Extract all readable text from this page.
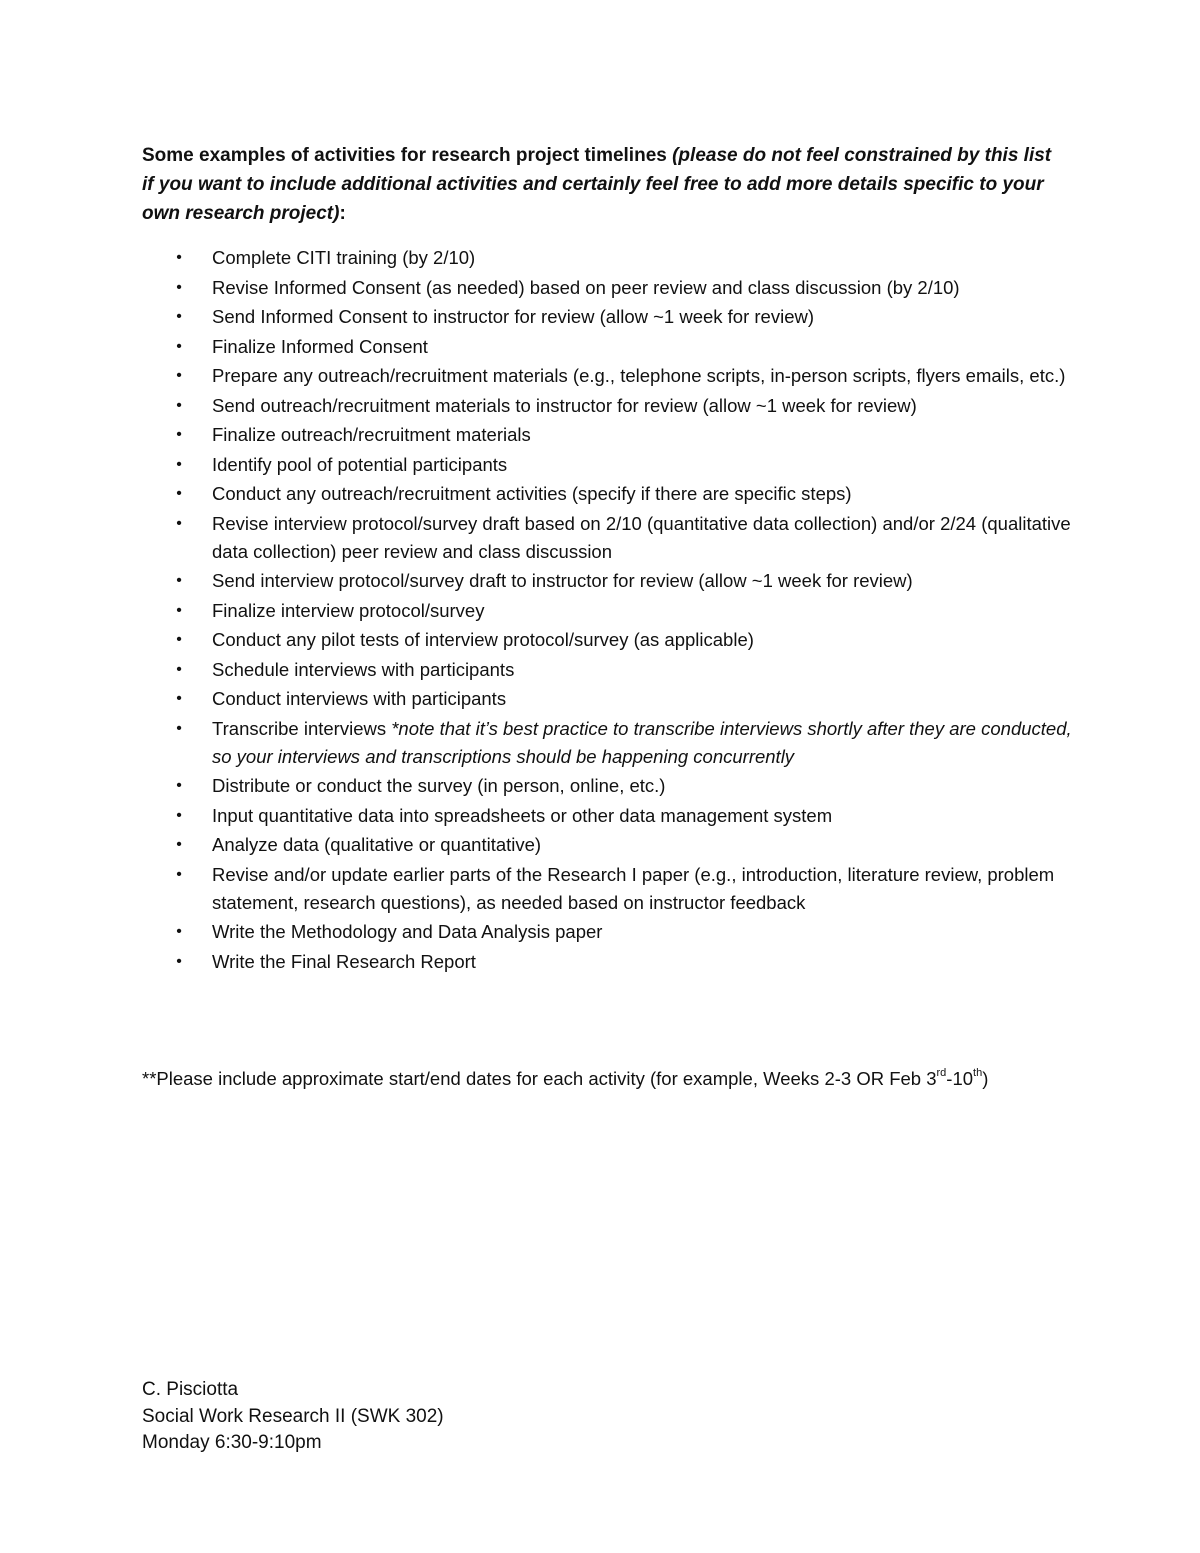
Some examples of activities for research project timelines (please do not feel constrained by this list if you want to include additional activities and certainly feel free to add more details specific to your own research project):

• Complete CITI training (by 2/10)
• Revise Informed Consent (as needed) based on peer review and class discussion (by 2/10)
• Send Informed Consent to instructor for review (allow ~1 week for review)
• Finalize Informed Consent
• Prepare any outreach/recruitment materials (e.g., telephone scripts, in-person scripts, flyers emails, etc.)
• Send outreach/recruitment materials to instructor for review (allow ~1 week for review)
• Finalize outreach/recruitment materials
• Identify pool of potential participants
• Conduct any outreach/recruitment activities (specify if there are specific steps)
• Revise interview protocol/survey draft based on 2/10 (quantitative data collection) and/or 2/24 (qualitative data collection) peer review and class discussion
• Send interview protocol/survey draft to instructor for review (allow ~1 week for review)
• Finalize interview protocol/survey
• Conduct any pilot tests of interview protocol/survey (as applicable)
• Schedule interviews with participants
• Conduct interviews with participants
• Transcribe interviews *note that it’s best practice to transcribe interviews shortly after they are conducted, so your interviews and transcriptions should be happening concurrently
• Distribute or conduct the survey (in person, online, etc.)
• Input quantitative data into spreadsheets or other data management system
• Analyze data (qualitative or quantitative)
• Revise and/or update earlier parts of the Research I paper (e.g., introduction, literature review, problem statement, research questions), as needed based on instructor feedback
• Write the Methodology and Data Analysis paper
• Write the Final Research Report

**Please include approximate start/end dates for each activity (for example, Weeks 2-3 OR Feb 3rd-10th)

C. Pisciotta
Social Work Research II (SWK 302)
Monday 6:30-9:10pm
